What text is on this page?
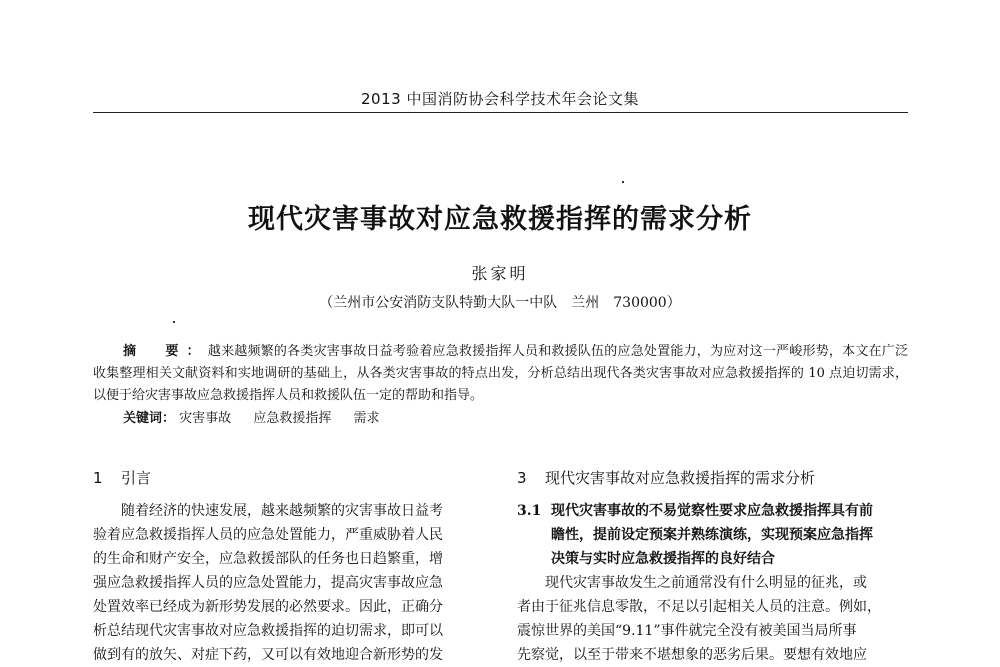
2013 中国消防协会科学技术年会论文集
现代灾害事故对应急救援指挥的需求分析
张家明
（兰州市公安消防支队特勤大队一中队　兰州　730000）
摘　要：越来越频繁的各类灾害事故日益考验着应急救援指挥人员和救援队伍的应急处置能力，为应对这一严峻形势，本文在广泛收集整理相关文献资料和实地调研的基础上，从各类灾害事故的特点出发，分析总结出现代各类灾害事故对应急救援指挥的 10 点迫切需求，以便于给灾害事故应急救援指挥人员和救援队伍一定的帮助和指导。
关键词： 灾害事故 应急救援指挥 需求
1 引言
随着经济的快速发展，越来越频繁的灾害事故日益考
验着应急救援指挥人员的应急处置能力，严重威胁着人民
的生命和财产安全，应急救援部队的任务也日趋繁重，增
强应急救援指挥人员的应急处置能力，提高灾害事故应急
处置效率已经成为新形势发展的必然要求。因此，正确分
析总结现代灾害事故对应急救援指挥的迫切需求，即可以
做到有的放矢、对症下药，又可以有效地迎合新形势的发
3 现代灾害事故对应急救援指挥的需求分析
3.1 现代灾害事故的不易觉察性要求应急救援指挥具有前
瞻性，提前设定预案并熟练演练，实现预案应急指挥
决策与实时应急救援指挥的良好结合
现代灾害事故发生之前通常没有什么明显的征兆，或
者由于征兆信息零散，不足以引起相关人员的注意。例如，
震惊世界的美国“9.11”事件就完全没有被美国当局所事
先察觉，以至于带来不堪想象的恶劣后果。要想有效地应
